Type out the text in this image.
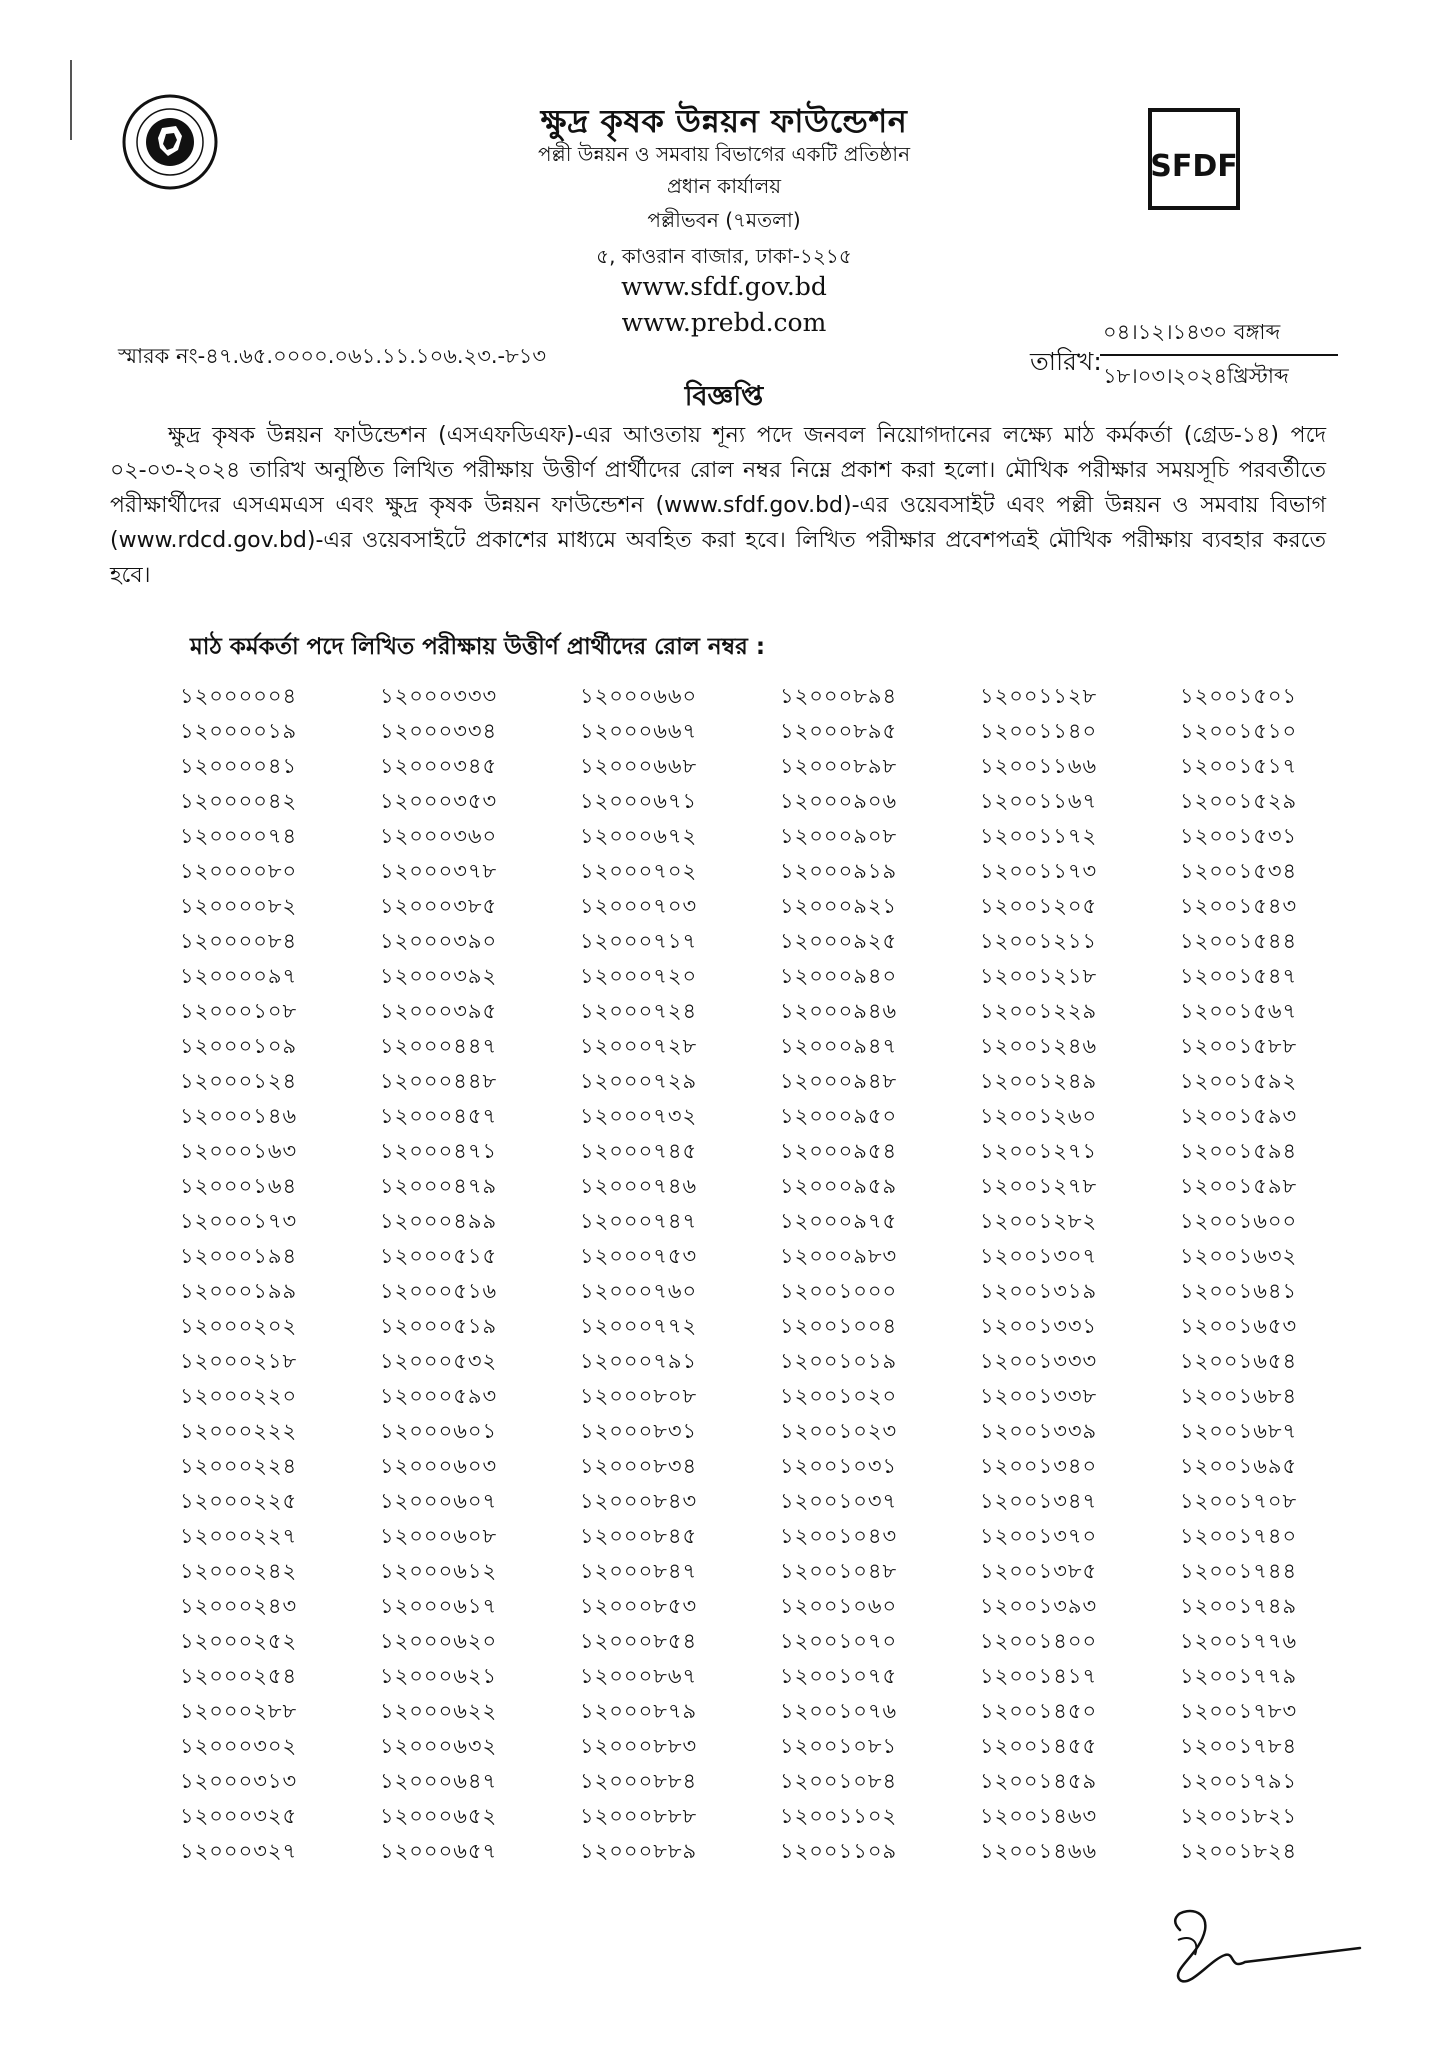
SFDF
ক্ষুদ্র কৃষক উন্নয়ন ফাউন্ডেশন
পল্লী উন্নয়ন ও সমবায় বিভাগের একটি প্রতিষ্ঠান
প্রধান কার্যালয়
পল্লীভবন (৭মতলা)
৫, কাওরান বাজার, ঢাকা-১২১৫
www.sfdf.gov.bd
www.prebd.com
স্মারক নং-৪৭.৬৫.০০০০.০৬১.১১.১০৬.২৩.-৮১৩	তারিখ:
০৪।১২।১৪৩০ বঙ্গাব্দ
১৮।০৩।২০২৪খ্রিস্টাব্দ
বিজ্ঞপ্তি
ক্ষুদ্র কৃষক উন্নয়ন ফাউন্ডেশন (এসএফডিএফ)-এর আওতায় শূন্য পদে জনবল নিয়োগদানের লক্ষ্যে মাঠ কর্মকর্তা (গ্রেড-১৪) পদে ০২-০৩-২০২৪ তারিখ অনুষ্ঠিত লিখিত পরীক্ষায় উত্তীর্ণ প্রার্থীদের রোল নম্বর নিম্নে প্রকাশ করা হলো। মৌখিক পরীক্ষার সময়সূচি পরবর্তীতে পরীক্ষার্থীদের এসএমএস এবং ক্ষুদ্র কৃষক উন্নয়ন ফাউন্ডেশন (www.sfdf.gov.bd)-এর ওয়েবসাইট এবং পল্লী উন্নয়ন ও সমবায় বিভাগ (www.rdcd.gov.bd)-এর ওয়েবসাইটে প্রকাশের মাধ্যমে অবহিত করা হবে। লিখিত পরীক্ষার প্রবেশপত্রই মৌখিক পরীক্ষায় ব্যবহার করতে হবে।
মাঠ কর্মকর্তা পদে লিখিত পরীক্ষায় উত্তীর্ণ প্রার্থীদের রোল নম্বর :
১২০০০০০৪	১২০০০৩৩৩	১২০০০৬৬০	১২০০০৮৯৪	১২০০১১২৮	১২০০১৫০১
১২০০০০১৯	১২০০০৩৩৪	১২০০০৬৬৭	১২০০০৮৯৫	১২০০১১৪০	১২০০১৫১০
১২০০০০৪১	১২০০০৩৪৫	১২০০০৬৬৮	১২০০০৮৯৮	১২০০১১৬৬	১২০০১৫১৭
১২০০০০৪২	১২০০০৩৫৩	১২০০০৬৭১	১২০০০৯০৬	১২০০১১৬৭	১২০০১৫২৯
১২০০০০৭৪	১২০০০৩৬০	১২০০০৬৭২	১২০০০৯০৮	১২০০১১৭২	১২০০১৫৩১
১২০০০০৮০	১২০০০৩৭৮	১২০০০৭০২	১২০০০৯১৯	১২০০১১৭৩	১২০০১৫৩৪
১২০০০০৮২	১২০০০৩৮৫	১২০০০৭০৩	১২০০০৯২১	১২০০১২০৫	১২০০১৫৪৩
১২০০০০৮৪	১২০০০৩৯০	১২০০০৭১৭	১২০০০৯২৫	১২০০১২১১	১২০০১৫৪৪
১২০০০০৯৭	১২০০০৩৯২	১২০০০৭২০	১২০০০৯৪০	১২০০১২১৮	১২০০১৫৪৭
১২০০০১০৮	১২০০০৩৯৫	১২০০০৭২৪	১২০০০৯৪৬	১২০০১২২৯	১২০০১৫৬৭
১২০০০১০৯	১২০০০৪৪৭	১২০০০৭২৮	১২০০০৯৪৭	১২০০১২৪৬	১২০০১৫৮৮
১২০০০১২৪	১২০০০৪৪৮	১২০০০৭২৯	১২০০০৯৪৮	১২০০১২৪৯	১২০০১৫৯২
১২০০০১৪৬	১২০০০৪৫৭	১২০০০৭৩২	১২০০০৯৫০	১২০০১২৬০	১২০০১৫৯৩
১২০০০১৬৩	১২০০০৪৭১	১২০০০৭৪৫	১২০০০৯৫৪	১২০০১২৭১	১২০০১৫৯৪
১২০০০১৬৪	১২০০০৪৭৯	১২০০০৭৪৬	১২০০০৯৫৯	১২০০১২৭৮	১২০০১৫৯৮
১২০০০১৭৩	১২০০০৪৯৯	১২০০০৭৪৭	১২০০০৯৭৫	১২০০১২৮২	১২০০১৬০০
১২০০০১৯৪	১২০০০৫১৫	১২০০০৭৫৩	১২০০০৯৮৩	১২০০১৩০৭	১২০০১৬৩২
১২০০০১৯৯	১২০০০৫১৬	১২০০০৭৬০	১২০০১০০০	১২০০১৩১৯	১২০০১৬৪১
১২০০০২০২	১২০০০৫১৯	১২০০০৭৭২	১২০০১০০৪	১২০০১৩৩১	১২০০১৬৫৩
১২০০০২১৮	১২০০০৫৩২	১২০০০৭৯১	১২০০১০১৯	১২০০১৩৩৩	১২০০১৬৫৪
১২০০০২২০	১২০০০৫৯৩	১২০০০৮০৮	১২০০১০২০	১২০০১৩৩৮	১২০০১৬৮৪
১২০০০২২২	১২০০০৬০১	১২০০০৮৩১	১২০০১০২৩	১২০০১৩৩৯	১২০০১৬৮৭
১২০০০২২৪	১২০০০৬০৩	১২০০০৮৩৪	১২০০১০৩১	১২০০১৩৪০	১২০০১৬৯৫
১২০০০২২৫	১২০০০৬০৭	১২০০০৮৪৩	১২০০১০৩৭	১২০০১৩৪৭	১২০০১৭০৮
১২০০০২২৭	১২০০০৬০৮	১২০০০৮৪৫	১২০০১০৪৩	১২০০১৩৭০	১২০০১৭৪০
১২০০০২৪২	১২০০০৬১২	১২০০০৮৪৭	১২০০১০৪৮	১২০০১৩৮৫	১২০০১৭৪৪
১২০০০২৪৩	১২০০০৬১৭	১২০০০৮৫৩	১২০০১০৬০	১২০০১৩৯৩	১২০০১৭৪৯
১২০০০২৫২	১২০০০৬২০	১২০০০৮৫৪	১২০০১০৭০	১২০০১৪০০	১২০০১৭৭৬
১২০০০২৫৪	১২০০০৬২১	১২০০০৮৬৭	১২০০১০৭৫	১২০০১৪১৭	১২০০১৭৭৯
১২০০০২৮৮	১২০০০৬২২	১২০০০৮৭৯	১২০০১০৭৬	১২০০১৪৫০	১২০০১৭৮৩
১২০০০৩০২	১২০০০৬৩২	১২০০০৮৮৩	১২০০১০৮১	১২০০১৪৫৫	১২০০১৭৮৪
১২০০০৩১৩	১২০০০৬৪৭	১২০০০৮৮৪	১২০০১০৮৪	১২০০১৪৫৯	১২০০১৭৯১
১২০০০৩২৫	১২০০০৬৫২	১২০০০৮৮৮	১২০০১১০২	১২০০১৪৬৩	১২০০১৮২১
১২০০০৩২৭	১২০০০৬৫৭	১২০০০৮৮৯	১২০০১১০৯	১২০০১৪৬৬	১২০০১৮২৪
